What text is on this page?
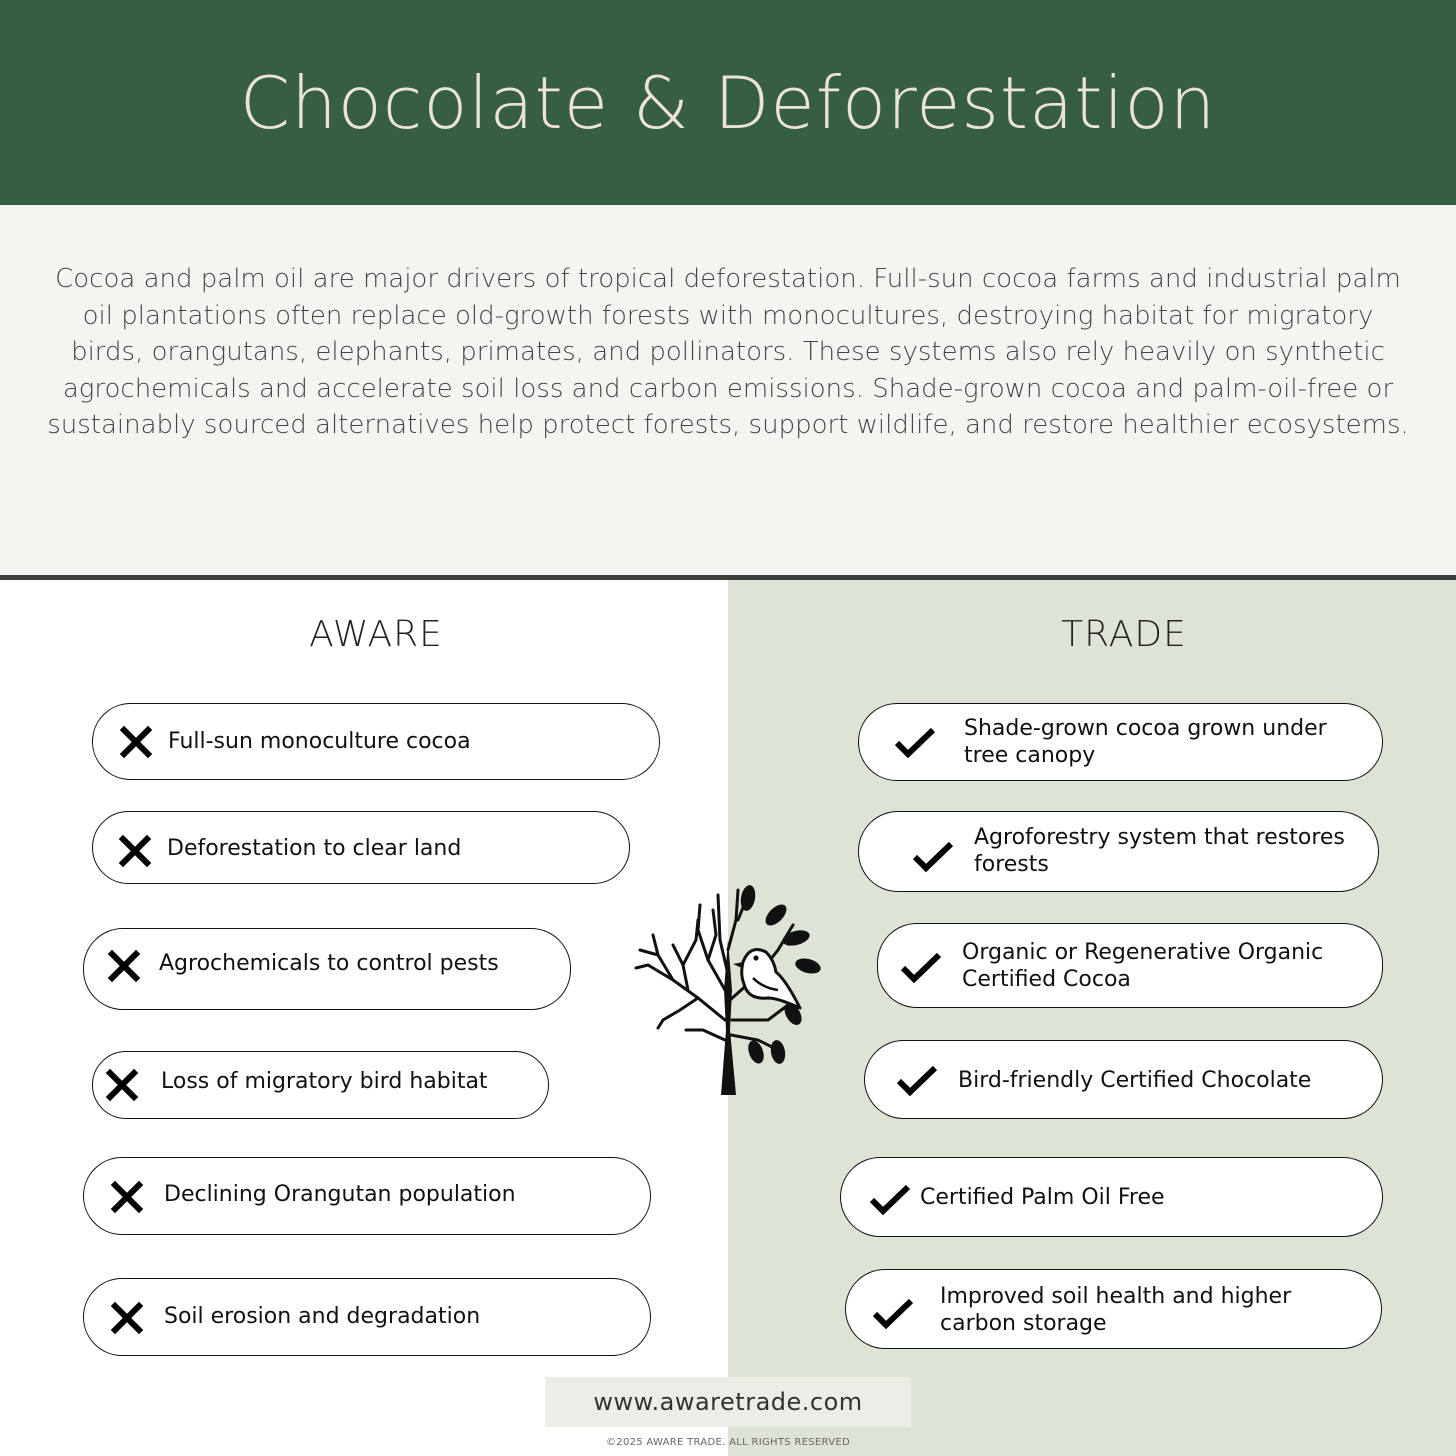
Chocolate & Deforestation

Cocoa and palm oil are major drivers of tropical deforestation. Full-sun cocoa farms and industrial palm oil plantations often replace old-growth forests with monocultures, destroying habitat for migratory birds, orangutans, elephants, primates, and pollinators. These systems also rely heavily on synthetic agrochemicals and accelerate soil loss and carbon emissions. Shade-grown cocoa and palm-oil-free or sustainably sourced alternatives help protect forests, support wildlife, and restore healthier ecosystems.

AWARE	TRADE
Full-sun monoculture cocoa
Deforestation to clear land
Agrochemicals to control pests
Loss of migratory bird habitat
Declining Orangutan population
Soil erosion and degradation
Shade-grown cocoa grown under tree canopy
Agroforestry system that restores forests
Organic or Regenerative Organic Certified Cocoa
Bird-friendly Certified Chocolate
Certified Palm Oil Free
Improved soil health and higher carbon storage
www.awaretrade.com
©2025 AWARE TRADE. ALL RIGHTS RESERVED
